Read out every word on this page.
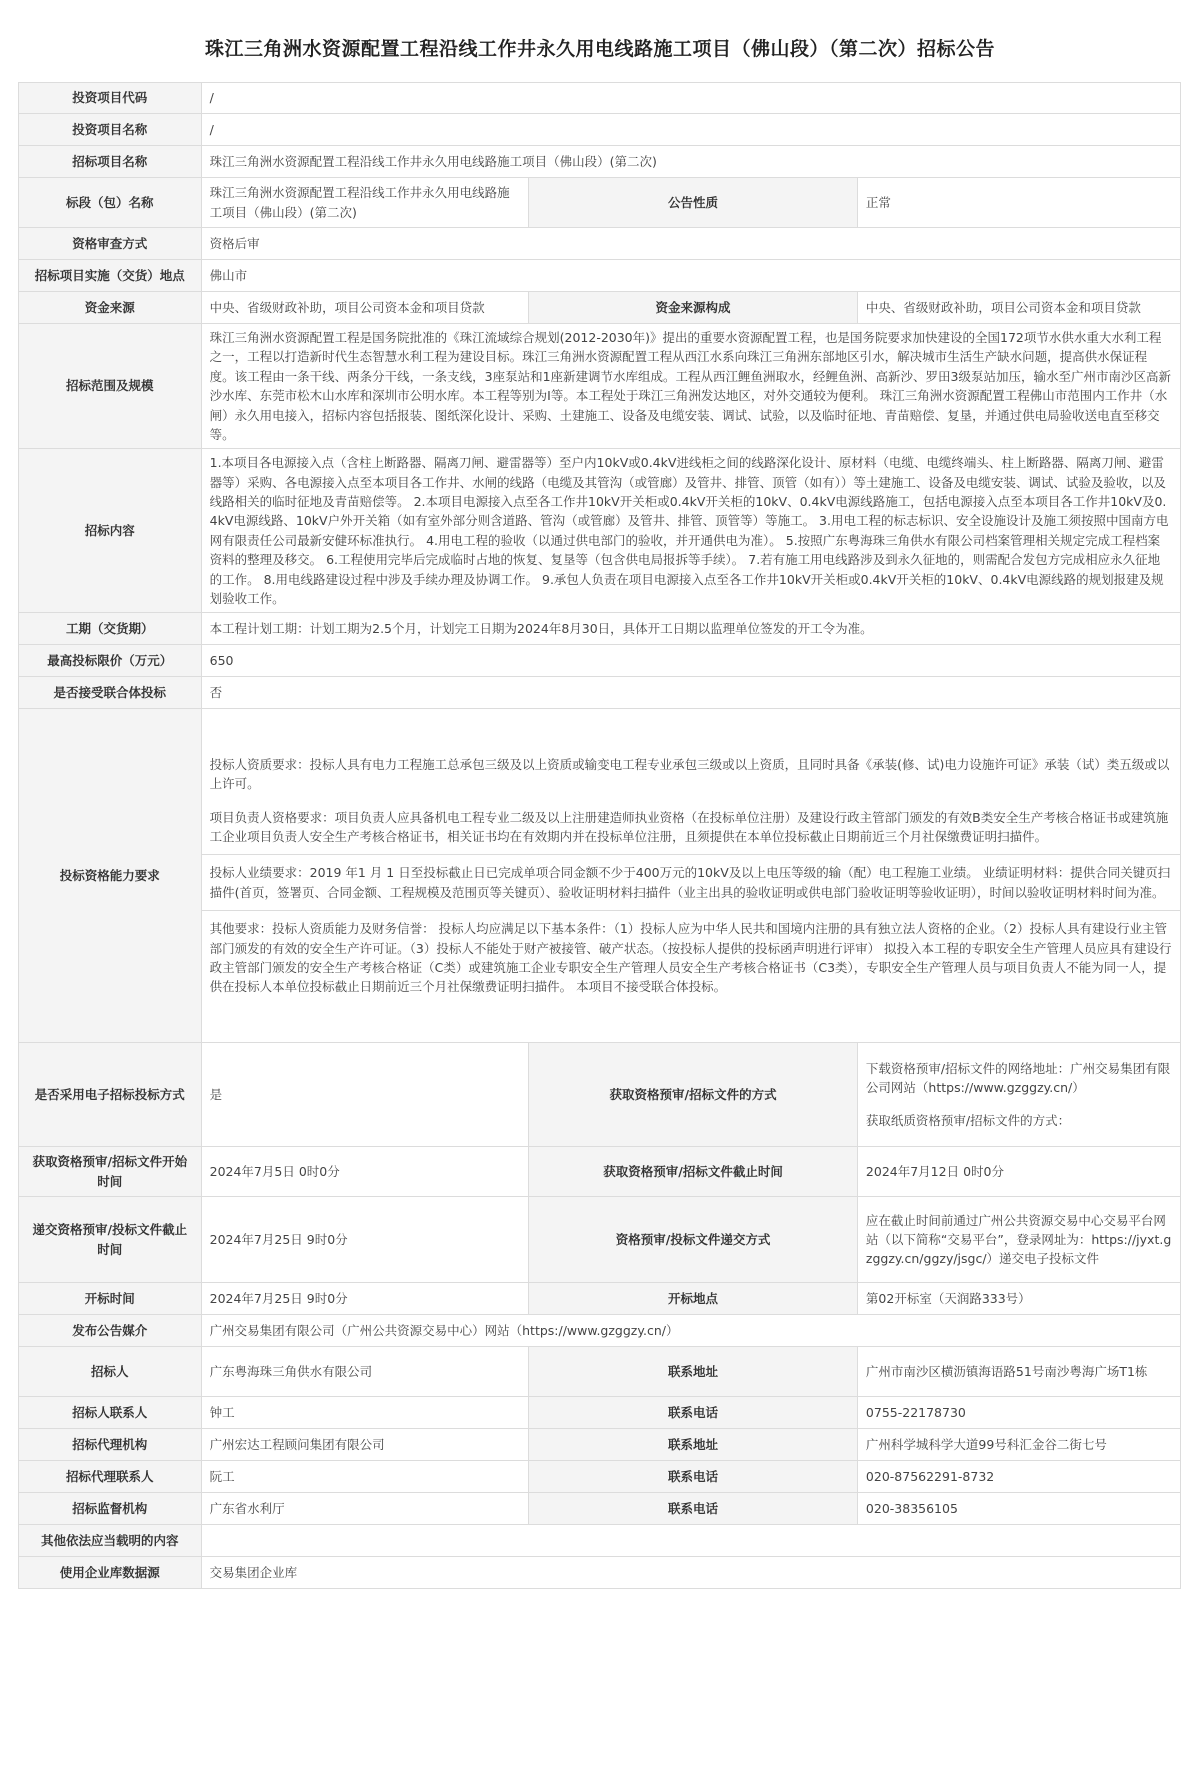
珠江三角洲水资源配置工程沿线工作井永久用电线路施工项目（佛山段）（第二次）招标公告
投资项目代码	/		
投资项目名称	/		
招标项目名称	珠江三角洲水资源配置工程沿线工作井永久用电线路施工项目（佛山段）(第二次)		
标段（包）名称	珠江三角洲水资源配置工程沿线工作井永久用电线路施工项目（佛山段）(第二次)	公告性质	正常
资格审查方式	资格后审		
招标项目实施（交货）地点	佛山市		
资金来源	中央、省级财政补助，项目公司资本金和项目贷款	资金来源构成	中央、省级财政补助，项目公司资本金和项目贷款
招标范围及规模	珠江三角洲水资源配置工程是国务院批准的《珠江流域综合规划(2012-2030年)》提出的重要水资源配置工程，也是国务院要求加快建设的全国172项节水供水重大水利工程之一，工程以打造新时代生态智慧水利工程为建设目标。珠江三角洲水资源配置工程从西江水系向珠江三角洲东部地区引水，解决城市生活生产缺水问题，提高供水保证程度。该工程由一条干线、两条分干线，一条支线，3座泵站和1座新建调节水库组成。工程从西江鲤鱼洲取水，经鲤鱼洲、高新沙、罗田3级泵站加压，输水至广州市南沙区高新沙水库、东莞市松木山水库和深圳市公明水库。本工程等别为Ⅰ等。本工程处于珠江三角洲发达地区，对外交通较为便利。 珠江三角洲水资源配置工程佛山市范围内工作井（水闸）永久用电接入，招标内容包括报装、图纸深化设计、采购、土建施工、设备及电缆安装、调试、试验，以及临时征地、青苗赔偿、复垦，并通过供电局验收送电直至移交等。		
招标内容	1.本项目各电源接入点（含柱上断路器、隔离刀闸、避雷器等）至户内10kV或0.4kV进线柜之间的线路深化设计、原材料（电缆、电缆终端头、柱上断路器、隔离刀闸、避雷器等）采购、各电源接入点至本项目各工作井、水闸的线路（电缆及其管沟（或管廊）及管井、排管、顶管（如有））等土建施工、设备及电缆安装、调试、试验及验收，以及线路相关的临时征地及青苗赔偿等。 2.本项目电源接入点至各工作井10kV开关柜或0.4kV开关柜的10kV、0.4kV电源线路施工，包括电源接入点至本项目各工作井10kV及0.4kV电源线路、10kV户外开关箱（如有室外部分则含道路、管沟（或管廊）及管井、排管、顶管等）等施工。 3.用电工程的标志标识、安全设施设计及施工须按照中国南方电网有限责任公司最新安健环标准执行。 4.用电工程的验收（以通过供电部门的验收，并开通供电为准）。 5.按照广东粤海珠三角供水有限公司档案管理相关规定完成工程档案资料的整理及移交。 6.工程使用完毕后完成临时占地的恢复、复垦等（包含供电局报拆等手续）。 7.若有施工用电线路涉及到永久征地的，则需配合发包方完成相应永久征地的工作。 8.用电线路建设过程中涉及手续办理及协调工作。 9.承包人负责在项目电源接入点至各工作井10kV开关柜或0.4kV开关柜的10kV、0.4kV电源线路的规划报建及规划验收工作。		
工期（交货期）	本工程计划工期：计划工期为2.5个月，计划完工日期为2024年8月30日，具体开工日期以监理单位签发的开工令为准。		
最高投标限价（万元）	650		
是否接受联合体投标	否		
投标资格能力要求	投标人资质要求：投标人具有电力工程施工总承包三级及以上资质或输变电工程专业承包三级或以上资质，且同时具备《承装(修、试)电力设施许可证》承装（试）类五级或以上许可。

项目负责人资格要求：项目负责人应具备机电工程专业二级及以上注册建造师执业资格（在投标单位注册）及建设行政主管部门颁发的有效B类安全生产考核合格证书或建筑施工企业项目负责人安全生产考核合格证书，相关证书均在有效期内并在投标单位注册，且须提供在本单位投标截止日期前近三个月社保缴费证明扫描件。

投标人业绩要求：2019 年1 月 1 日至投标截止日已完成单项合同金额不少于400万元的10kV及以上电压等级的输（配）电工程施工业绩。 业绩证明材料：提供合同关键页扫描件(首页，签署页、合同金额、工程规模及范围页等关键页）、验收证明材料扫描件（业主出具的验收证明或供电部门验收证明等验收证明），时间以验收证明材料时间为准。

其他要求：投标人资质能力及财务信誉： 投标人均应满足以下基本条件：（1）投标人应为中华人民共和国境内注册的具有独立法人资格的企业。（2）投标人具有建设行业主管部门颁发的有效的安全生产许可证。（3）投标人不能处于财产被接管、破产状态。（按投标人提供的投标函声明进行评审） 拟投入本工程的专职安全生产管理人员应具有建设行政主管部门颁发的安全生产考核合格证（C类）或建筑施工企业专职安全生产管理人员安全生产考核合格证书（C3类），专职安全生产管理人员与项目负责人不能为同一人，提供在投标人本单位投标截止日期前近三个月社保缴费证明扫描件。 本项目不接受联合体投标。		

是否采用电子招标投标方式	是	获取资格预审/招标文件的方式	下载资格预审/招标文件的网络地址：广州交易集团有限公司网站（https://www.gzggzy.cn/）

获取纸质资格预审/招标文件的方式：

获取资格预审/招标文件开始时间	2024年7月5日 0时0分	获取资格预审/招标文件截止时间	2024年7月12日 0时0分
递交资格预审/投标文件截止时间	2024年7月25日 9时0分	资格预审/投标文件递交方式	应在截止时间前通过广州公共资源交易中心交易平台网站（以下简称“交易平台”，登录网址为：https://jyxt.gzggzy.cn/ggzy/jsgc/）递交电子投标文件
开标时间	2024年7月25日 9时0分	开标地点	第02开标室（天润路333号）
发布公告媒介	广州交易集团有限公司（广州公共资源交易中心）网站（https://www.gzggzy.cn/）		
招标人	广东粤海珠三角供水有限公司	联系地址	广州市南沙区横沥镇海语路51号南沙粤海广场T1栋
招标人联系人	钟工	联系电话	0755-22178730
招标代理机构	广州宏达工程顾问集团有限公司	联系地址	广州科学城科学大道99号科汇金谷二街七号
招标代理联系人	阮工	联系电话	020-87562291-8732
招标监督机构	广东省水利厅	联系电话	020-38356105
其他依法应当载明的内容			
使用企业库数据源	交易集团企业库		
